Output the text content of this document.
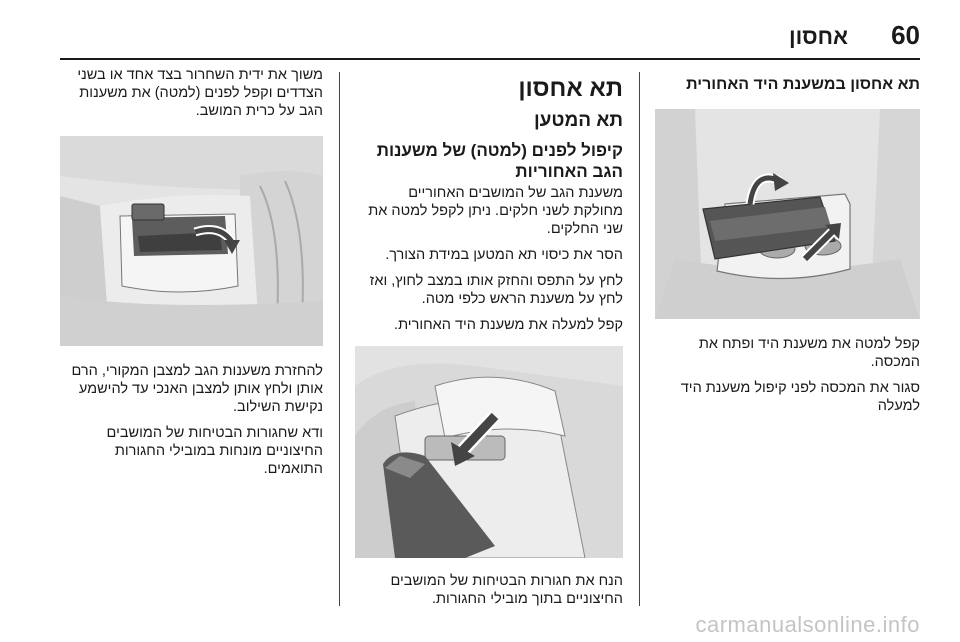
60
אחסון
תא אחסון במשענת היד האחורית
קפל למטה את משענת היד ופתח את המכסה.
סגור את המכסה לפני קיפול משענת היד למעלה
תא אחסון
תא המטען
קיפול לפנים (למטה) של משענות הגב האחוריות
משענת הגב של המושבים האחוריים מחולקת לשני חלקים. ניתן לקפל למטה את שני החלקים.
הסר את כיסוי תא המטען במידת הצורך.
לחץ על התפס והחזק אותו במצב לחוץ, ואז לחץ על משענת הראש כלפי מטה.
קפל למעלה את משענת היד האחורית.
הנח את חגורות הבטיחות של המושבים החיצוניים בתוך מובילי החגורות.
משוך את ידית השחרור בצד אחד או בשני הצדדים וקפל לפנים (למטה) את משענות הגב על כרית המושב.
להחזרת משענות הגב למצבן המקורי, הרם אותן ולחץ אותן למצבן האנכי עד להישמע נקישת השילוב.
ודא שחגורות הבטיחות של המושבים החיצוניים מונחות במובילי החגורות התואמים.
carmanualsonline.info
